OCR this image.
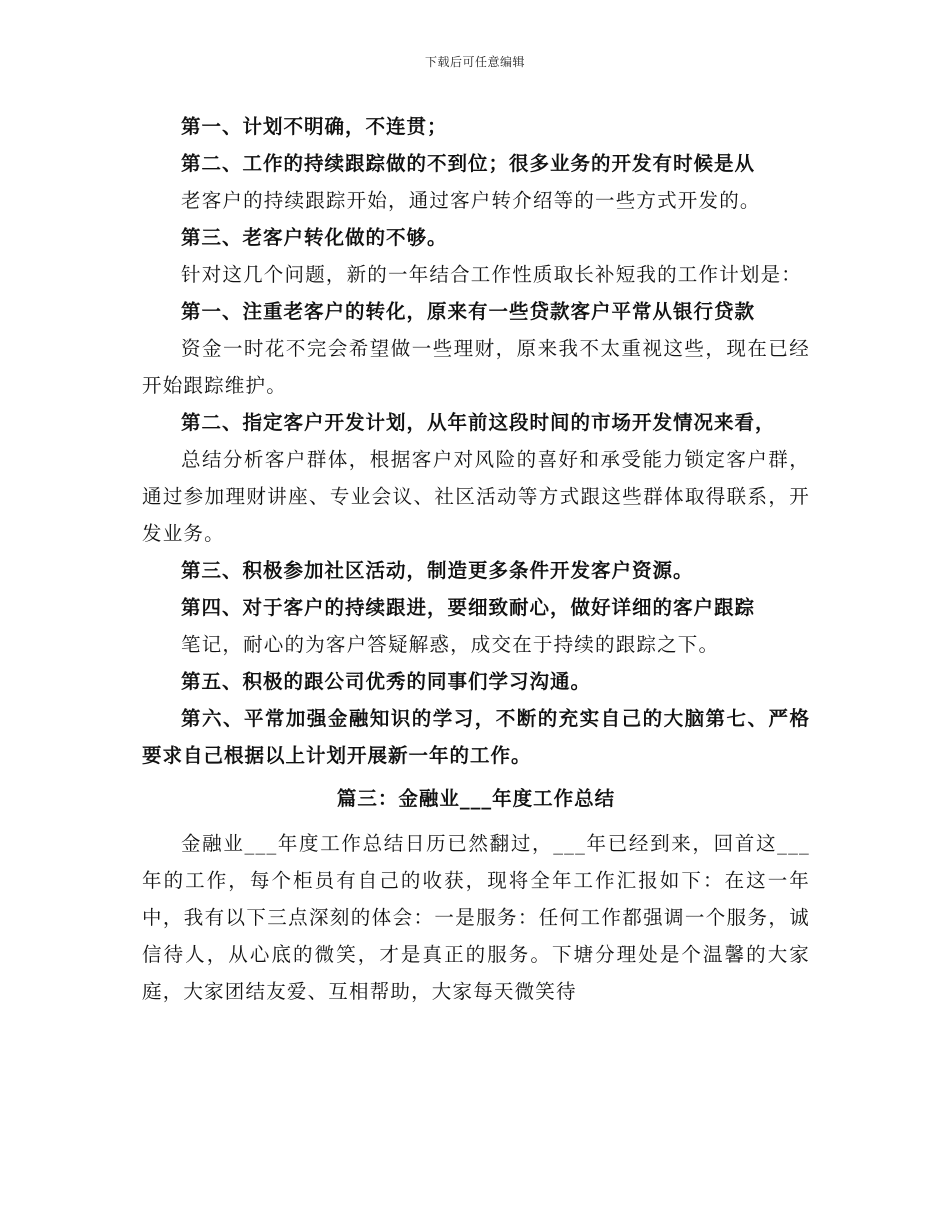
下载后可任意编辑

第一、计划不明确，不连贯；

第二、工作的持续跟踪做的不到位；很多业务的开发有时候是从

老客户的持续跟踪开始，通过客户转介绍等的一些方式开发的。

第三、老客户转化做的不够。

针对这几个问题，新的一年结合工作性质取长补短我的工作计划是：

第一、注重老客户的转化，原来有一些贷款客户平常从银行贷款

资金一时花不完会希望做一些理财，原来我不太重视这些，现在已经开始跟踪维护。

第二、指定客户开发计划，从年前这段时间的市场开发情况来看，

总结分析客户群体，根据客户对风险的喜好和承受能力锁定客户群，通过参加理财讲座、专业会议、社区活动等方式跟这些群体取得联系，开发业务。

第三、积极参加社区活动，制造更多条件开发客户资源。

第四、对于客户的持续跟进，要细致耐心，做好详细的客户跟踪

笔记，耐心的为客户答疑解惑，成交在于持续的跟踪之下。

第五、积极的跟公司优秀的同事们学习沟通。

第六、平常加强金融知识的学习，不断的充实自己的大脑第七、严格要求自己根据以上计划开展新一年的工作。

篇三：金融业___年度工作总结

金融业___年度工作总结日历已然翻过，___年已经到来，回首这___年的工作，每个柜员有自己的收获，现将全年工作汇报如下：在这一年中，我有以下三点深刻的体会：一是服务：任何工作都强调一个服务，诚信待人，从心底的微笑，才是真正的服务。下塘分理处是个温馨的大家庭，大家团结友爱、互相帮助，大家每天微笑待
